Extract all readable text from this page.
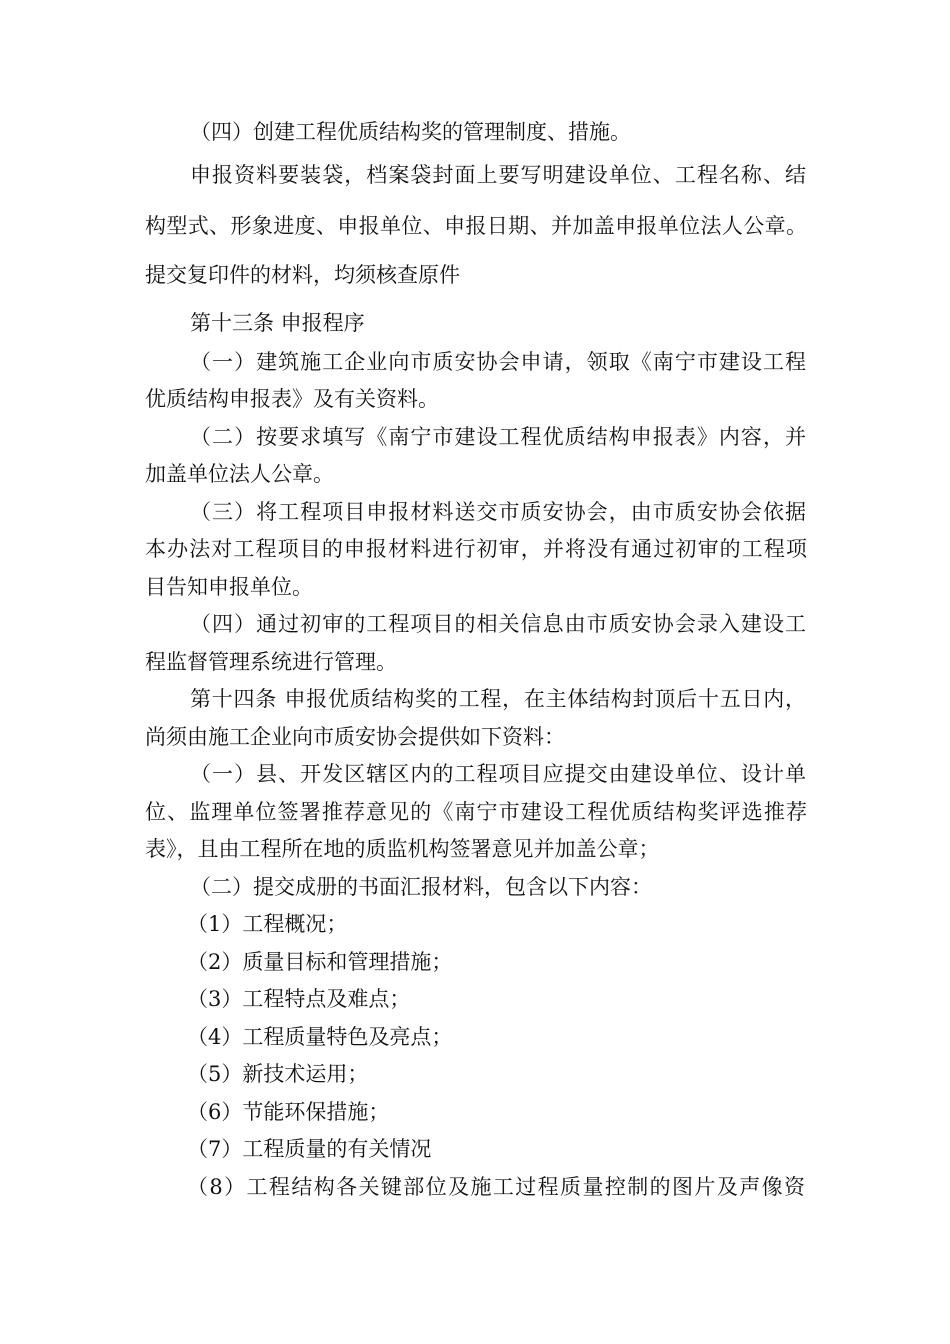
（四）创建工程优质结构奖的管理制度、措施。
申报资料要装袋，档案袋封面上要写明建设单位、工程名称、结
构型式、形象进度、申报单位、申报日期、并加盖申报单位法人公章。
提交复印件的材料，均须核查原件
第十三条 申报程序
（一）建筑施工企业向市质安协会申请，领取《南宁市建设工程
优质结构申报表》及有关资料。
（二）按要求填写《南宁市建设工程优质结构申报表》内容，并
加盖单位法人公章。
（三）将工程项目申报材料送交市质安协会，由市质安协会依据
本办法对工程项目的申报材料进行初审，并将没有通过初审的工程项
目告知申报单位。
（四）通过初审的工程项目的相关信息由市质安协会录入建设工
程监督管理系统进行管理。
第十四条 申报优质结构奖的工程，在主体结构封顶后十五日内，
尚须由施工企业向市质安协会提供如下资料：
（一）县、开发区辖区内的工程项目应提交由建设单位、设计单
位、监理单位签署推荐意见的《南宁市建设工程优质结构奖评选推荐
表》，且由工程所在地的质监机构签署意见并加盖公章；
（二）提交成册的书面汇报材料，包含以下内容：
（1）工程概况；
（2）质量目标和管理措施；
（3）工程特点及难点；
（4）工程质量特色及亮点；
（5）新技术运用；
（6）节能环保措施；
（7）工程质量的有关情况
（8）工程结构各关键部位及施工过程质量控制的图片及声像资
